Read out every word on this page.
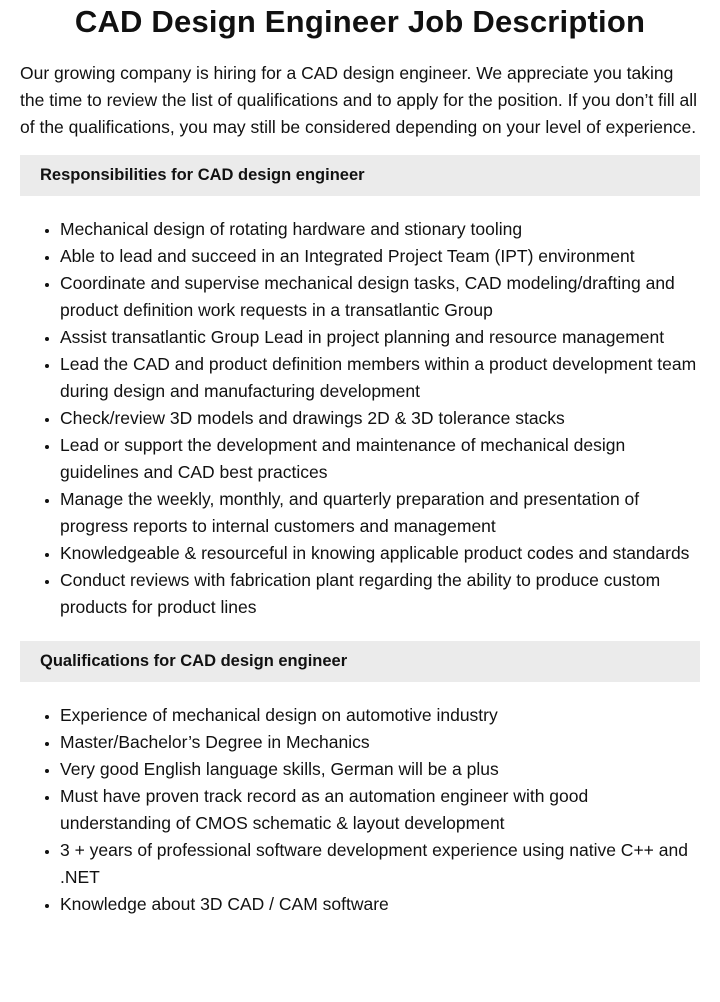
CAD Design Engineer Job Description

Our growing company is hiring for a CAD design engineer. We appreciate you taking the time to review the list of qualifications and to apply for the position. If you don’t fill all of the qualifications, you may still be considered depending on your level of experience.

Responsibilities for CAD design engineer
• Mechanical design of rotating hardware and stionary tooling
• Able to lead and succeed in an Integrated Project Team (IPT) environment
• Coordinate and supervise mechanical design tasks, CAD modeling/drafting and product definition work requests in a transatlantic Group
• Assist transatlantic Group Lead in project planning and resource management
• Lead the CAD and product definition members within a product development team during design and manufacturing development
• Check/review 3D models and drawings 2D & 3D tolerance stacks
• Lead or support the development and maintenance of mechanical design guidelines and CAD best practices
• Manage the weekly, monthly, and quarterly preparation and presentation of progress reports to internal customers and management
• Knowledgeable & resourceful in knowing applicable product codes and standards
• Conduct reviews with fabrication plant regarding the ability to produce custom products for product lines
Qualifications for CAD design engineer
• Experience of mechanical design on automotive industry
• Master/Bachelor’s Degree in Mechanics
• Very good English language skills, German will be a plus
• Must have proven track record as an automation engineer with good understanding of CMOS schematic & layout development
• 3 + years of professional software development experience using native C++ and .NET
• Knowledge about 3D CAD / CAM software
